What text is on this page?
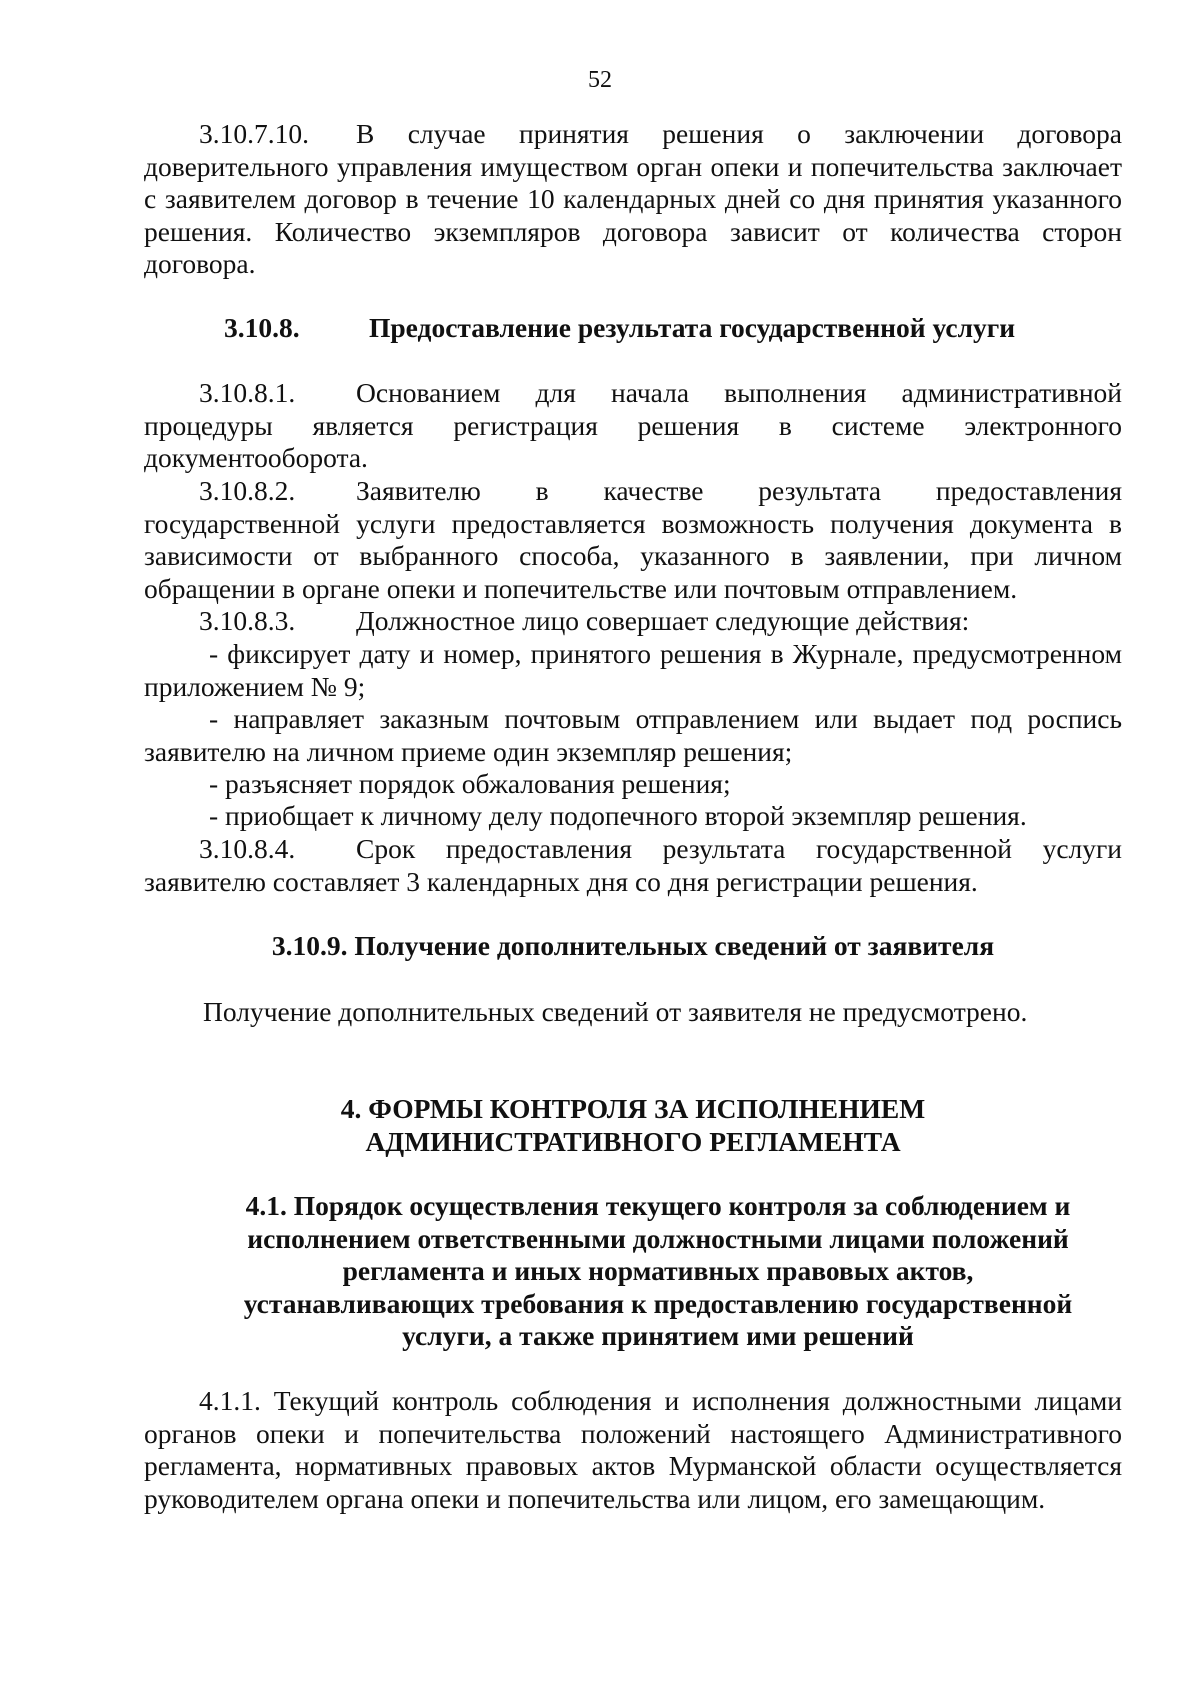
52
3.10.7.10. В случае принятия решения о заключении договора доверительного управления имуществом орган опеки и попечительства заключает с заявителем договор в течение 10 календарных дней со дня принятия указанного решения. Количество экземпляров договора зависит от количества сторон договора.
3.10.8.	Предоставление результата государственной услуги
3.10.8.1. Основанием для начала выполнения административной процедуры является регистрация решения в системе электронного документооборота.
3.10.8.2. Заявителю в качестве результата предоставления государственной услуги предоставляется возможность получения документа в зависимости от выбранного способа, указанного в заявлении, при личном обращении в органе опеки и попечительстве или почтовым отправлением.
3.10.8.3. Должностное лицо совершает следующие действия:
- фиксирует дату и номер, принятого решения в Журнале, предусмотренном приложением № 9;
- направляет заказным почтовым отправлением или выдает под роспись заявителю на личном приеме один экземпляр решения;
- разъясняет порядок обжалования решения;
- приобщает к личному делу подопечного второй экземпляр решения.
3.10.8.4. Срок предоставления результата государственной услуги заявителю составляет 3 календарных дня со дня регистрации решения.
3.10.9. Получение дополнительных сведений от заявителя
Получение дополнительных сведений от заявителя не предусмотрено.
4. ФОРМЫ КОНТРОЛЯ ЗА ИСПОЛНЕНИЕМ
АДМИНИСТРАТИВНОГО РЕГЛАМЕНТА
4.1. Порядок осуществления текущего контроля за соблюдением и
исполнением ответственными должностными лицами положений
регламента и иных нормативных правовых актов,
устанавливающих требования к предоставлению государственной
услуги, а также принятием ими решений
4.1.1. Текущий контроль соблюдения и исполнения должностными лицами органов опеки и попечительства положений настоящего Административного регламента, нормативных правовых актов Мурманской области осуществляется руководителем органа опеки и попечительства или лицом, его замещающим.
